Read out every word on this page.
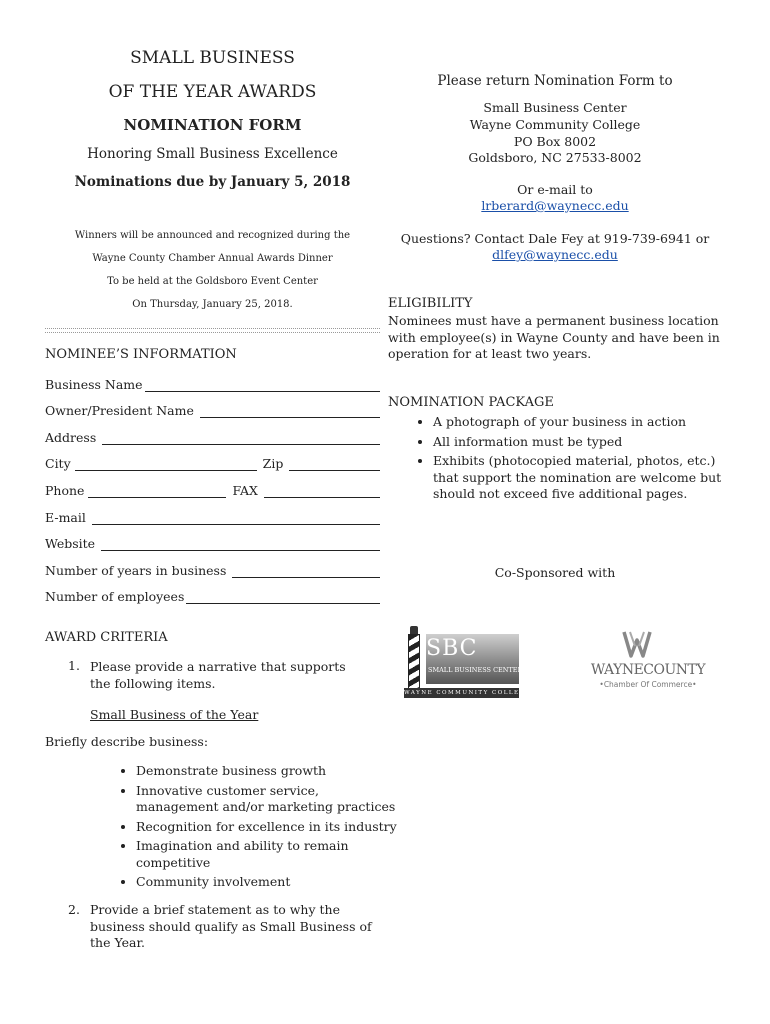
SMALL BUSINESS
OF THE YEAR AWARDS
NOMINATION FORM
Honoring Small Business Excellence
Nominations due by January 5, 2018
Winners will be announced and recognized during the
Wayne County Chamber Annual Awards Dinner
To be held at the Goldsboro Event Center
On Thursday, January 25, 2018.
NOMINEE’S INFORMATION
Business Name
Owner/President Name
Address
City	Zip
Phone	FAX
E-mail
Website
Number of years in business
Number of employees
AWARD CRITERIA
1. Please provide a narrative that supports the following items.
Small Business of the Year
Briefly describe business:
• Demonstrate business growth
• Innovative customer service, management and/or marketing practices
• Recognition for excellence in its industry
• Imagination and ability to remain competitive
• Community involvement
2. Provide a brief statement as to why the business should qualify as Small Business of the Year.
Please return Nomination Form to
Small Business Center
Wayne Community College
PO Box 8002
Goldsboro, NC 27533-8002
Or e-mail to
lrberard@waynecc.edu
Questions? Contact Dale Fey at 919-739-6941 or
dlfey@waynecc.edu
ELIGIBILITY
Nominees must have a permanent business location with employee(s) in Wayne County and have been in operation for at least two years.
NOMINATION PACKAGE
• A photograph of your business in action
• All information must be typed
• Exhibits (photocopied material, photos, etc.) that support the nomination are welcome but should not exceed five additional pages.
Co-Sponsored with
SBC
SMALL BUSINESS CENTER
WAYNE COMMUNITY COLLEGE
WAYNECOUNTY
•Chamber Of Commerce•
